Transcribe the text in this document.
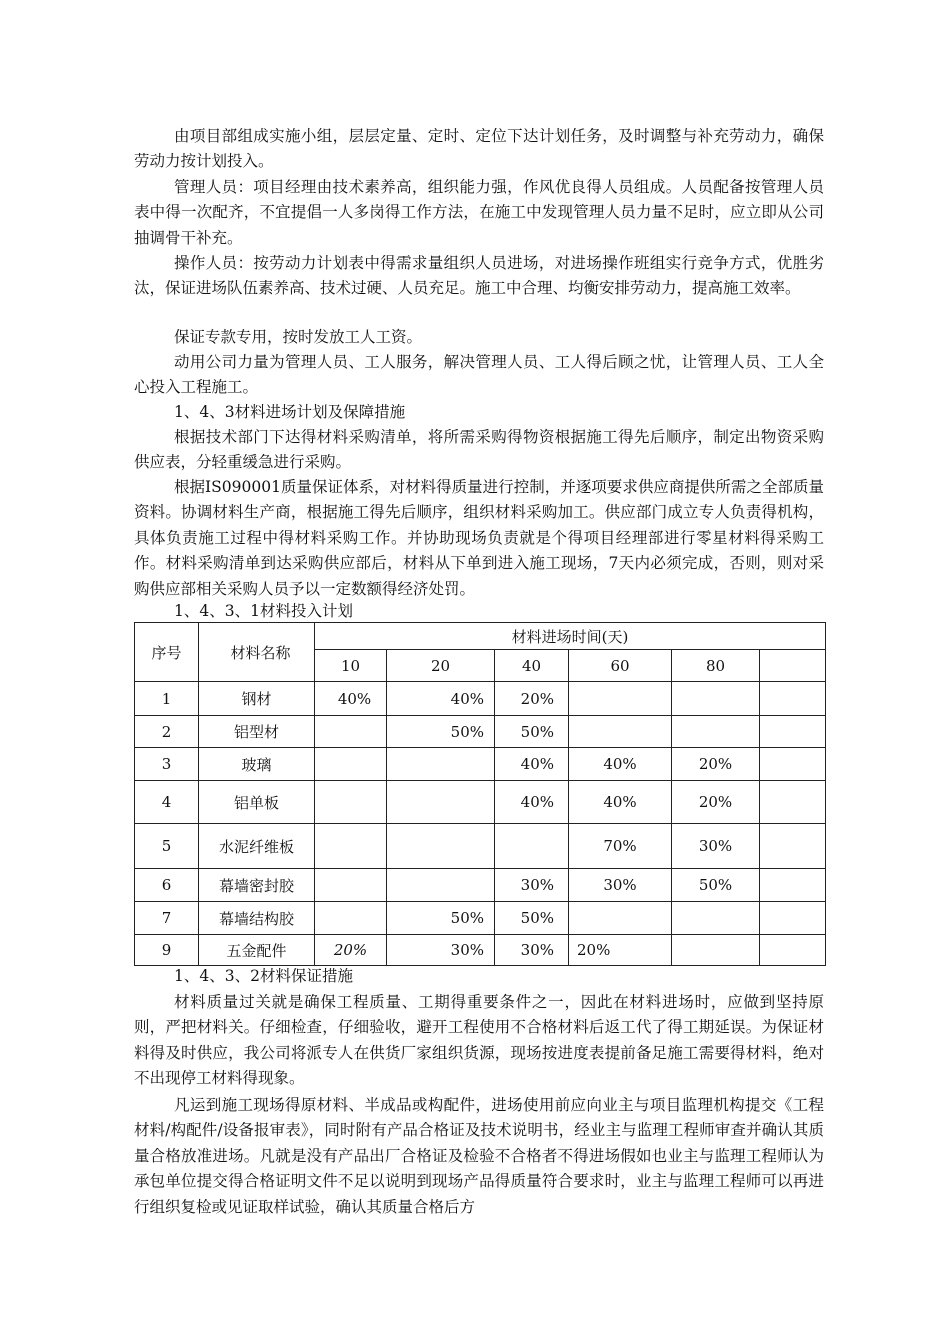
由项目部组成实施小组，层层定量、定时、定位下达计划任务，及时调整与补充劳动力，确保劳动力按计划投入。

管理人员：项目经理由技术素养高，组织能力强，作风优良得人员组成。人员配备按管理人员表中得一次配齐，不宜提倡一人多岗得工作方法，在施工中发现管理人员力量不足时，应立即从公司抽调骨干补充。

操作人员：按劳动力计划表中得需求量组织人员进场，对进场操作班组实行竞争方式，优胜劣汰，保证进场队伍素养高、技术过硬、人员充足。施工中合理、均衡安排劳动力，提高施工效率。

保证专款专用，按时发放工人工资。

动用公司力量为管理人员、工人服务，解决管理人员、工人得后顾之忧，让管理人员、工人全心投入工程施工。

1、4、3材料进场计划及保障措施

根据技术部门下达得材料采购清单，将所需采购得物资根据施工得先后顺序，制定出物资采购供应表，分轻重缓急进行采购。

根据IS090001质量保证体系，对材料得质量进行控制，并逐项要求供应商提供所需之全部质量资料。协调材料生产商，根据施工得先后顺序，组织材料采购加工。供应部门成立专人负责得机构，具体负责施工过程中得材料采购工作。并协助现场负责就是个得项目经理部进行零星材料得采购工作。材料采购清单到达采购供应部后，材料从下单到进入施工现场，7天内必须完成，否则，则对采购供应部相关采购人员予以一定数额得经济处罚。

1、4、3、1材料投入计划

序号	材料名称	材料进场时间(天)					
		10	20	40	60	80	
1	钢材	40%	40%	20%			
2	铝型材		50%	50%			
3	玻璃			40%	40%	20%	
4	铝单板			40%	40%	20%	
5	水泥纤维板				70%	30%	
6	幕墙密封胶			30%	30%	50%	
7	幕墙结构胶		50%	50%			
9	五金配件	20%	30%	30%	20%		

1、4、3、2材料保证措施

材料质量过关就是确保工程质量、工期得重要条件之一，因此在材料进场时，应做到坚持原则，严把材料关。仔细检查，仔细验收，避开工程使用不合格材料后返工代了得工期延误。为保证材料得及时供应，我公司将派专人在供货厂家组织货源，现场按进度表提前备足施工需要得材料，绝对不出现停工材料得现象。

凡运到施工现场得原材料、半成品或构配件，进场使用前应向业主与项目监理机构提交《工程材料/构配件/设备报审表》，同时附有产品合格证及技术说明书，经业主与监理工程师审查并确认其质量合格放准进场。凡就是没有产品出厂合格证及检验不合格者不得进场假如也业主与监理工程师认为承包单位提交得合格证明文件不足以说明到现场产品得质量符合要求时，业主与监理工程师可以再进行组织复检或见证取样试验，确认其质量合格后方
